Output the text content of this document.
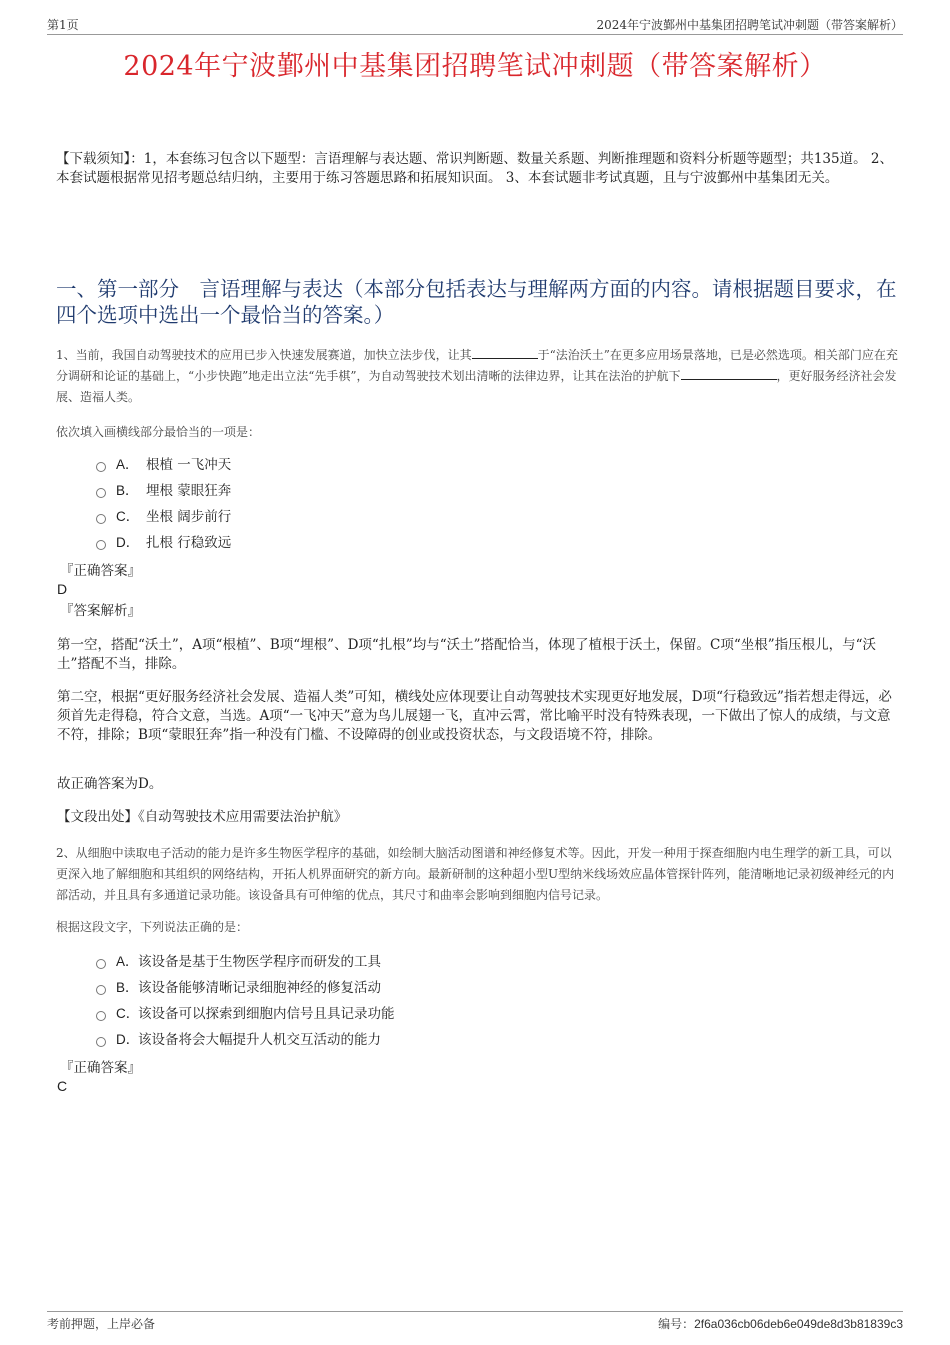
第1页	2024年宁波鄞州中基集团招聘笔试冲刺题（带答案解析）
2024年宁波鄞州中基集团招聘笔试冲刺题（带答案解析）
【下载须知】：1，本套练习包含以下题型：言语理解与表达题、常识判断题、数量关系题、判断推理题和资料分析题等题型；共135道。 2、本套试题根据常见招考题总结归纳，主要用于练习答题思路和拓展知识面。 3、本套试题非考试真题，且与宁波鄞州中基集团无关。
一、第一部分　言语理解与表达（本部分包括表达与理解两方面的内容。请根据题目要求，在四个选项中选出一个最恰当的答案。）
1、当前，我国自动驾驶技术的应用已步入快速发展赛道，加快立法步伐，让其	于“法治沃土”在更多应用场景落地，已是必然选项。相关部门应在充分调研和论证的基础上，“小步快跑”地走出立法“先手棋”，为自动驾驶技术划出清晰的法律边界，让其在法治的护航下	，更好服务经济社会发展、造福人类。
依次填入画横线部分最恰当的一项是：
A． 根植 一飞冲天
B． 埋根 蒙眼狂奔
C． 坐根 阔步前行
D． 扎根 行稳致远
『正确答案』
D
『答案解析』
第一空，搭配“沃土”，A项“根植”、B项“埋根”、D项“扎根”均与“沃土”搭配恰当，体现了植根于沃土，保留。C项“坐根”指压根儿，与“沃土”搭配不当，排除。
第二空，根据“更好服务经济社会发展、造福人类”可知，横线处应体现要让自动驾驶技术实现更好地发展，D项“行稳致远”指若想走得远，必须首先走得稳，符合文意，当选。A项“一飞冲天”意为鸟儿展翅一飞，直冲云霄，常比喻平时没有特殊表现，一下做出了惊人的成绩，与文意不符，排除；B项“蒙眼狂奔”指一种没有门槛、不设障碍的创业或投资状态，与文段语境不符，排除。
故正确答案为D。
【文段出处】《自动驾驶技术应用需要法治护航》
2、从细胞中读取电子活动的能力是许多生物医学程序的基础，如绘制大脑活动图谱和神经修复术等。因此，开发一种用于探查细胞内电生理学的新工具，可以更深入地了解细胞和其组织的网络结构，开拓人机界面研究的新方向。最新研制的这种超小型U型纳米线场效应晶体管探针阵列，能清晰地记录初级神经元的内部活动，并且具有多通道记录功能。该设备具有可伸缩的优点，其尺寸和曲率会影响到细胞内信号记录。
根据这段文字，下列说法正确的是：
A． 该设备是基于生物医学程序而研发的工具
B． 该设备能够清晰记录细胞神经的修复活动
C．
该设备可以探索到细胞内信号且具记录功能
D．
该设备将会大幅提升人机交互活动的能力
『正确答案』
C
考前押题，上岸必备	编号：2f6a036cb06deb6e049de8d3b81839c3
